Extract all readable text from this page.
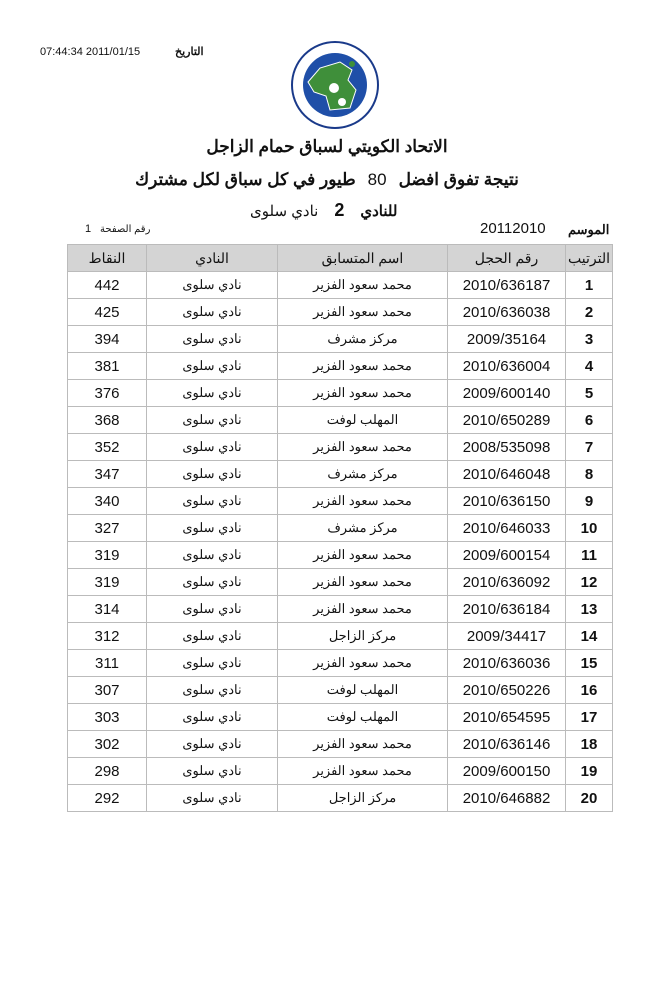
07:44:34 2011/01/15	التاريخ
الاتحاد الكويتي لسباق حمام الزاجل
نتيجة تفوق افضل80طيور في كل سباق لكل مشترك
للنادي2نادي سلوى
الموسم
20112010
رقم الصفحة
1
الترتيب	رقم الحجل	اسم المتسابق	النادي	النقاط
1	2010/636187	محمد سعود الفزير	نادي سلوى	442
2	2010/636038	محمد سعود الفزير	نادي سلوى	425
3	2009/35164	مركز مشرف	نادي سلوى	394
4	2010/636004	محمد سعود الفزير	نادي سلوى	381
5	2009/600140	محمد سعود الفزير	نادي سلوى	376
6	2010/650289	المهلب لوفت	نادي سلوى	368
7	2008/535098	محمد سعود الفزير	نادي سلوى	352
8	2010/646048	مركز مشرف	نادي سلوى	347
9	2010/636150	محمد سعود الفزير	نادي سلوى	340
10	2010/646033	مركز مشرف	نادي سلوى	327
11	2009/600154	محمد سعود الفزير	نادي سلوى	319
12	2010/636092	محمد سعود الفزير	نادي سلوى	319
13	2010/636184	محمد سعود الفزير	نادي سلوى	314
14	2009/34417	مركز الزاجل	نادي سلوى	312
15	2010/636036	محمد سعود الفزير	نادي سلوى	311
16	2010/650226	المهلب لوفت	نادي سلوى	307
17	2010/654595	المهلب لوفت	نادي سلوى	303
18	2010/636146	محمد سعود الفزير	نادي سلوى	302
19	2009/600150	محمد سعود الفزير	نادي سلوى	298
20	2010/646882	مركز الزاجل	نادي سلوى	292
